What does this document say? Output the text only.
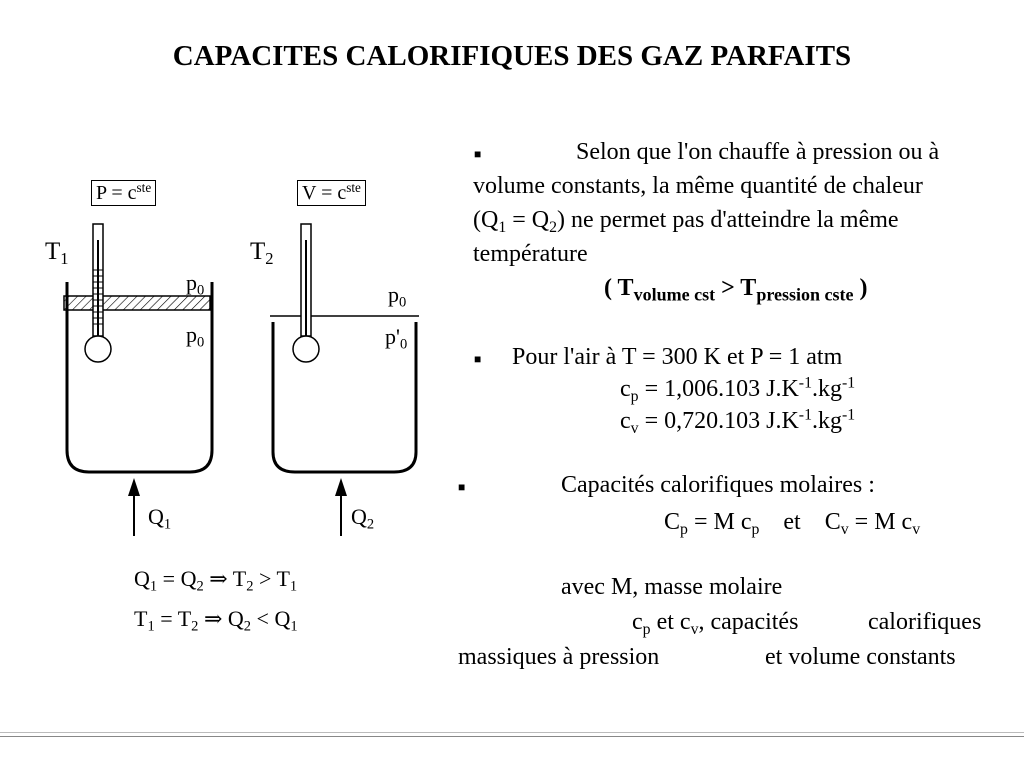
CAPACITES CALORIFIQUES DES GAZ PARFAITS
$P = c^{ste}$	$V = c^{ste}$
$T_1$	$T_2$
$p_0$
$p_0$
$p_0$
$p'_0$
$Q_1$	$Q_2$
$Q_1 = Q_2$ ⇒ $T_2 > T_1$
$T_1 = T_2$ ⇒ $Q_2 < Q_1$
■	Selon que l'on chauffe à pression ou à
volume constants, la même quantité de chaleur
$(Q_1 = Q_2)$ ne permet pas d'atteindre la même
température
( $T_{volume cst} > T_{pression cste}$ )
■ Pour l'air à T = 300 K et P = 1 atm
$c_p = 1,006.103$ $J.K^{-1}.kg^{-1}$
$c_v = 0,720.103$ $J.K^{-1}.kg^{-1}$
■	Capacités calorifiques molaires :
$C_p = M$ $c_p$ et $C_v = M$ $c_v$
avec M, masse molaire
$c_p$ et $c_v$, capacités	calorifiques
massiques à pression	et volume constants
